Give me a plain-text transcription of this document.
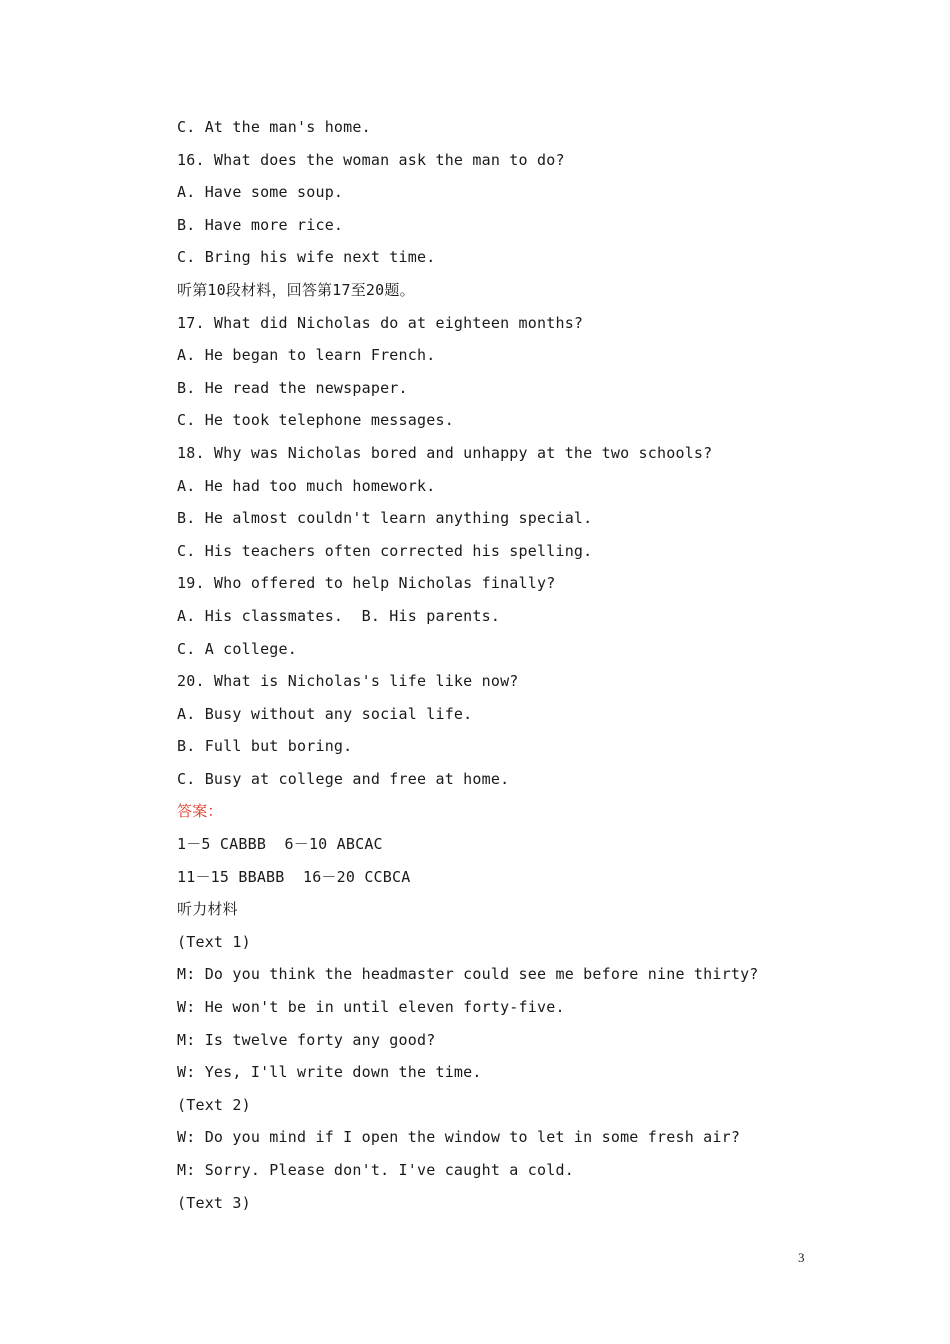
C. At the man's home.
16. What does the woman ask the man to do?
A. Have some soup.
B. Have more rice.
C. Bring his wife next time.
听第10段材料，回答第17至20题。
17. What did Nicholas do at eighteen months?
A. He began to learn French.
B. He read the newspaper.
C. He took telephone messages.
18. Why was Nicholas bored and unhappy at the two schools?
A. He had too much homework.
B. He almost couldn't learn anything special.
C. His teachers often corrected his spelling.
19. Who offered to help Nicholas finally?
A. His classmates.  B. His parents.
C. A college.
20. What is Nicholas's life like now?
A. Busy without any social life.
B. Full but boring.
C. Busy at college and free at home.
答案：
1－5 CABBB  6－10 ABCAC
11－15 BBABB  16－20 CCBCA
听力材料
(Text 1)
M: Do you think the headmaster could see me before nine thirty?
W: He won't be in until eleven forty-five.
M: Is twelve forty any good?
W: Yes, I'll write down the time.
(Text 2)
W: Do you mind if I open the window to let in some fresh air?
M: Sorry. Please don't. I've caught a cold.
(Text 3)
3
